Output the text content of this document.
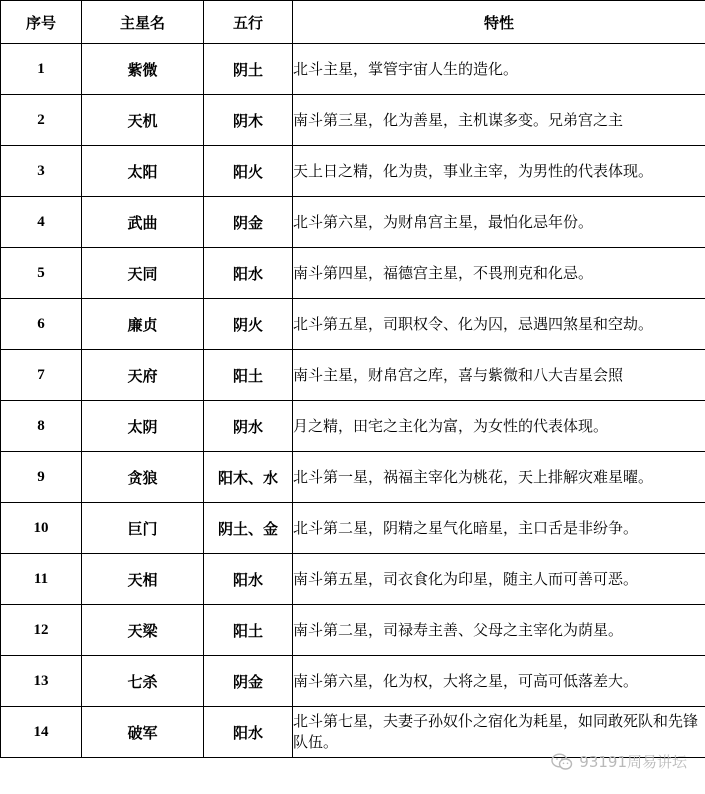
序号	主星名	五行	特性
1	紫微	阴土	北斗主星，掌管宇宙人生的造化。
2	天机	阴木	南斗第三星，化为善星，主机谋多变。兄弟宫之主
3	太阳	阳火	天上日之精，化为贵，事业主宰，为男性的代表体现。
4	武曲	阴金	北斗第六星，为财帛宫主星，最怕化忌年份。
5	天同	阳水	南斗第四星，福德宫主星，不畏刑克和化忌。
6	廉贞	阴火	北斗第五星，司职权令、化为囚，忌遇四煞星和空劫。
7	天府	阳土	南斗主星，财帛宫之库，喜与紫微和八大吉星会照
8	太阴	阴水	月之精，田宅之主化为富，为女性的代表体现。
9	贪狼	阳木、水	北斗第一星，祸福主宰化为桃花，天上排解灾难星曜。
10	巨门	阴土、金	北斗第二星，阴精之星气化暗星，主口舌是非纷争。
11	天相	阳水	南斗第五星，司衣食化为印星，随主人而可善可恶。
12	天梁	阳土	南斗第二星，司禄寿主善、父母之主宰化为荫星。
13	七杀	阴金	南斗第六星，化为权，大将之星，可高可低落差大。
14	破军	阳水	北斗第七星，夫妻子孙奴仆之宿化为耗星，如同敢死队和先锋队伍。
93191周易讲坛
